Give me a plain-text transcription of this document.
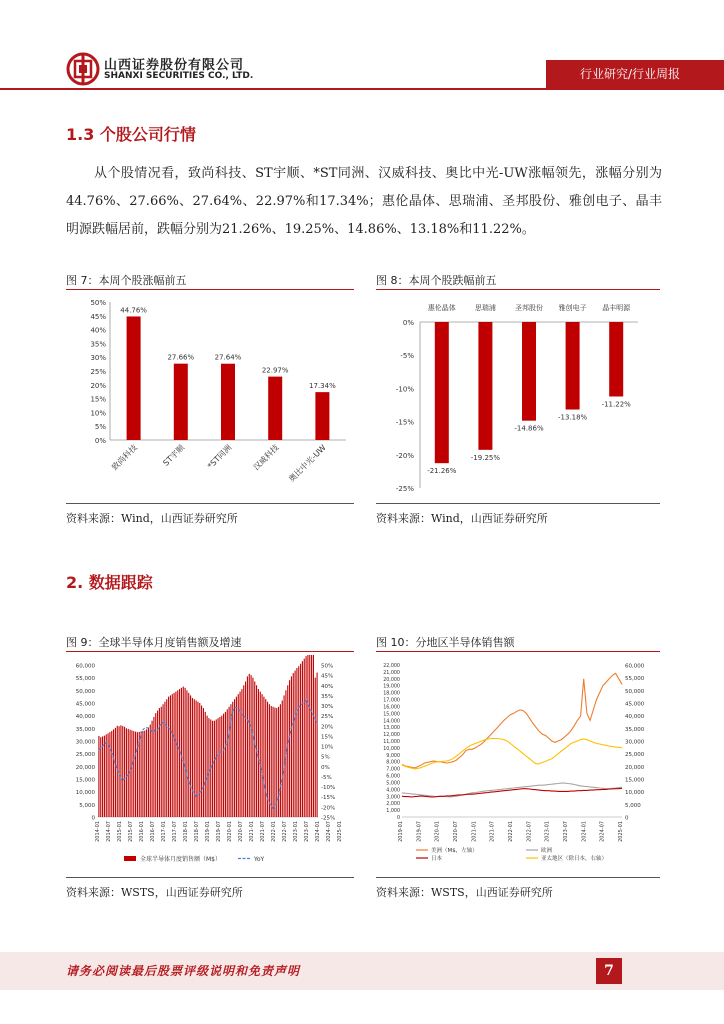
山西证券股份有限公司
SHANXI SECURITIES CO., LTD.	行业研究/行业周报
1.3 个股公司行情
从个股情况看，致尚科技、ST宇顺、*ST同洲、汉威科技、奥比中光-UW涨幅领先，涨幅分别为44.76%、27.66%、27.64%、22.97%和17.34%；惠伦晶体、思瑞浦、圣邦股份、雅创电子、晶丰明源跌幅居前，跌幅分别为21.26%、19.25%、14.86%、13.18%和11.22%。
图 7：本周个股涨幅前五
50%
45%
40%
35%
30%
25%
20%
15%
10%
5%
0%
44.76%
致尚科技
27.66%
ST宇顺
27.64%
*ST同洲
22.97%
汉威科技
17.34%
奥比中光-UW
资料来源：Wind，山西证券研究所
图 8：本周个股跌幅前五
0%
-5%
-10%
-15%
-20%
-25%
-21.26%
惠伦晶体
-19.25%
思瑞浦
-14.86%
圣邦股份
-13.18%
雅创电子
-11.22%
晶丰明源
资料来源：Wind，山西证券研究所
2. 数据跟踪
图 9：全球半导体月度销售额及增速
60,000
55,000
50,000
45,000
40,000
35,000
30,000
25,000
20,000
15,000
10,000
5,000
0
50%
45%
40%
35%
30%
25%
20%
15%
10%
5%
0%
-5%
-10%
-15%
-20%
-25%
2014-01 2014-07 2015-01 2015-07 2016-01 2016-07 2017-01 2017-07 2018-01 2018-07 2019-01 2019-07 2020-01 2020-07 2021-01 2021-07 2022-01 2022-07 2023-01 2023-07 2024-01 2024-07 2025-01
全球半导体月度销售额（M$）	YoY
资料来源：WSTS，山西证券研究所
图 10：分地区半导体销售额
22,000
21,000
20,000
19,000
18,000
17,000
16,000
15,000
14,000
13,000
12,000
11,000
10,000
9,000
8,000
7,000
6,000
5,000
4,000
3,000
2,000
1,000
0
60,000
55,000
50,000
45,000
40,000
35,000
30,000
25,000
20,000
15,000
10,000
5,000
0
2019-01 2019-07 2020-01 2020-07 2021-01 2021-07 2022-01 2022-07 2023-01 2023-07 2024-01 2024-07 2025-01
美洲（M$，左轴）	欧洲
日本	亚太地区（除日本，右轴）
资料来源：WSTS，山西证券研究所
请务必阅读最后股票评级说明和免责声明	7
